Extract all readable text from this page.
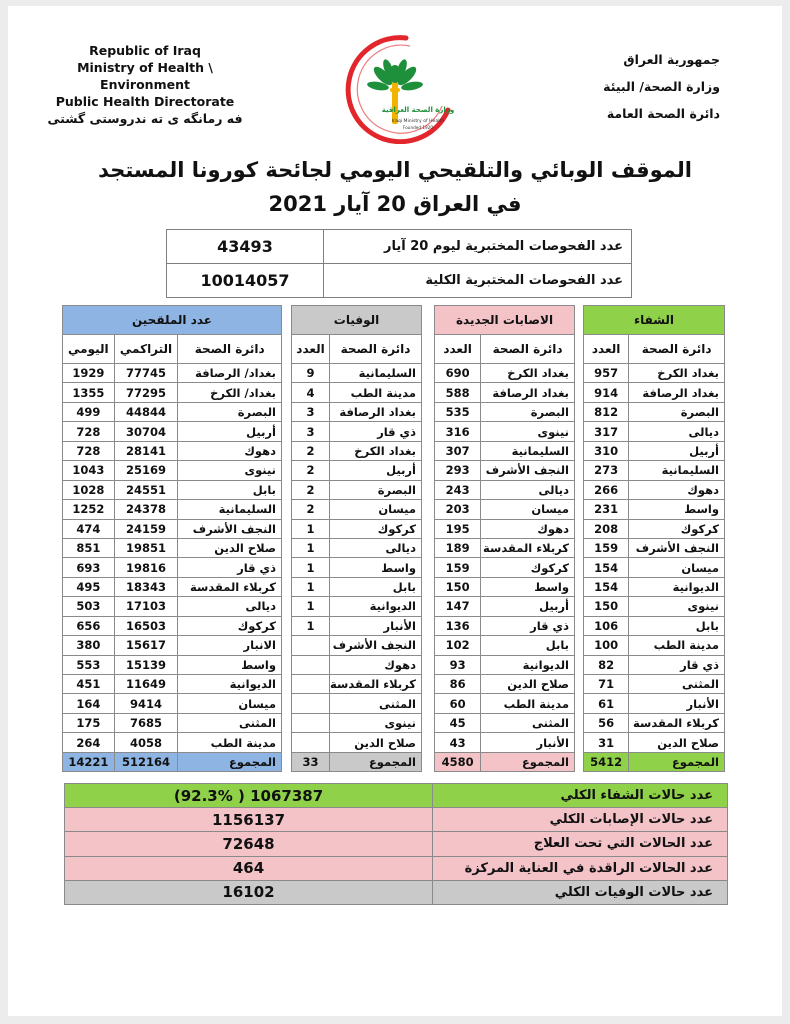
Republic of Iraq
Ministry of Health \ Environment
Public Health Directorate
فه رمانگه ى ته ندروستى گشتى
جمهورية العراق
وزارة الصحة/ البيئة
دائرة الصحة العامة
وزارة الصحة العراقية
Iraqi Ministry of Health
Founded 1920
الموقف الوبائي والتلقيحي اليومي لجائحة كورونا المستجد
في العراق 20 آيار 2021
عدد الفحوصات المختبرية ليوم 20 آيار	43493
عدد الفحوصات المختبرية الكلية	10014057
الشفاء	
دائرة الصحة	العدد
بغداد الكرخ	957
بغداد الرصافة	914
البصرة	812
ديالى	317
أربيل	310
السليمانية	273
دهوك	266
واسط	231
كركوك	208
النجف الأشرف	159
ميسان	154
الديوانية	154
نينوى	150
بابل	106
مدينة الطب	100
ذي قار	82
المثنى	71
الأنبار	61
كربلاء المقدسة	56
صلاح الدين	31
المجموع	5412
الاصابات الجديدة	
دائرة الصحة	العدد
بغداد الكرخ	690
بغداد الرصافة	588
البصرة	535
نينوى	316
السليمانية	307
النجف الأشرف	293
ديالى	243
ميسان	203
دهوك	195
كربلاء المقدسة	189
كركوك	159
واسط	150
أربيل	147
ذي قار	136
بابل	102
الديوانية	93
صلاح الدين	86
مدينة الطب	60
المثنى	45
الأنبار	43
المجموع	4580
الوفيات	
دائرة الصحة	العدد
السليمانية	9
مدينة الطب	4
بغداد الرصافة	3
ذي قار	3
بغداد الكرخ	2
أربيل	2
البصرة	2
ميسان	2
كركوك	1
ديالى	1
واسط	1
بابل	1
الديوانية	1
الأنبار	1
النجف الأشرف	
دهوك	
كربلاء المقدسة	
المثنى	
نينوى	
صلاح الدين	
المجموع	33
عدد الملقحين		
دائرة الصحة	التراكمي	اليومي
بغداد/ الرصافة	77745	1929
بغداد/ الكرخ	77295	1355
البصرة	44844	499
أربيل	30704	728
دهوك	28141	728
نينوى	25169	1043
بابل	24551	1028
السليمانية	24378	1252
النجف الأشرف	24159	474
صلاح الدين	19851	851
ذي قار	19816	693
كربلاء المقدسة	18343	495
ديالى	17103	503
كركوك	16503	656
الانبار	15617	380
واسط	15139	553
الديوانية	11649	451
ميسان	9414	164
المثنى	7685	175
مدينة الطب	4058	264
المجموع	512164	14221
عدد حالات الشفاء الكلي	1067387 ( 92.3%)
عدد حالات الإصابات الكلي	1156137
عدد الحالات التي تحت العلاج	72648
عدد الحالات الراقدة في العناية المركزة	464
عدد حالات الوفيات الكلي	16102
